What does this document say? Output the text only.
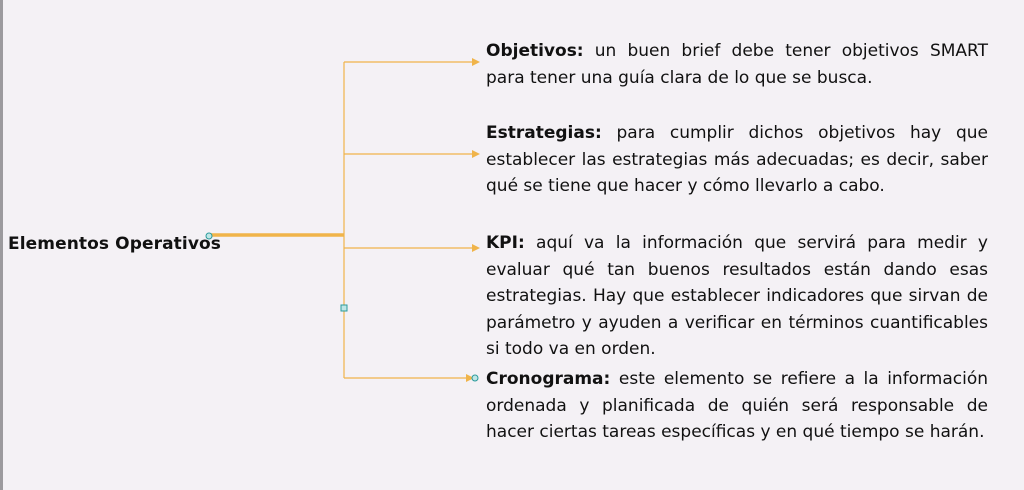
Elementos Operativos
Objetivos: un buen brief debe tener objetivos SMART para tener una guía clara de lo que se busca.
Estrategias: para cumplir dichos objetivos hay que establecer las estrategias más adecuadas; es decir, saber qué se tiene que hacer y cómo llevarlo a cabo.
KPI: aquí va la información que servirá para medir y evaluar qué tan buenos resultados están dando esas estrategias. Hay que establecer indicadores que sirvan de parámetro y ayuden a verificar en términos cuantificables si todo va en orden.
Cronograma: este elemento se refiere a la información ordenada y planificada de quién será responsable de hacer ciertas tareas específicas y en qué tiempo se harán.
